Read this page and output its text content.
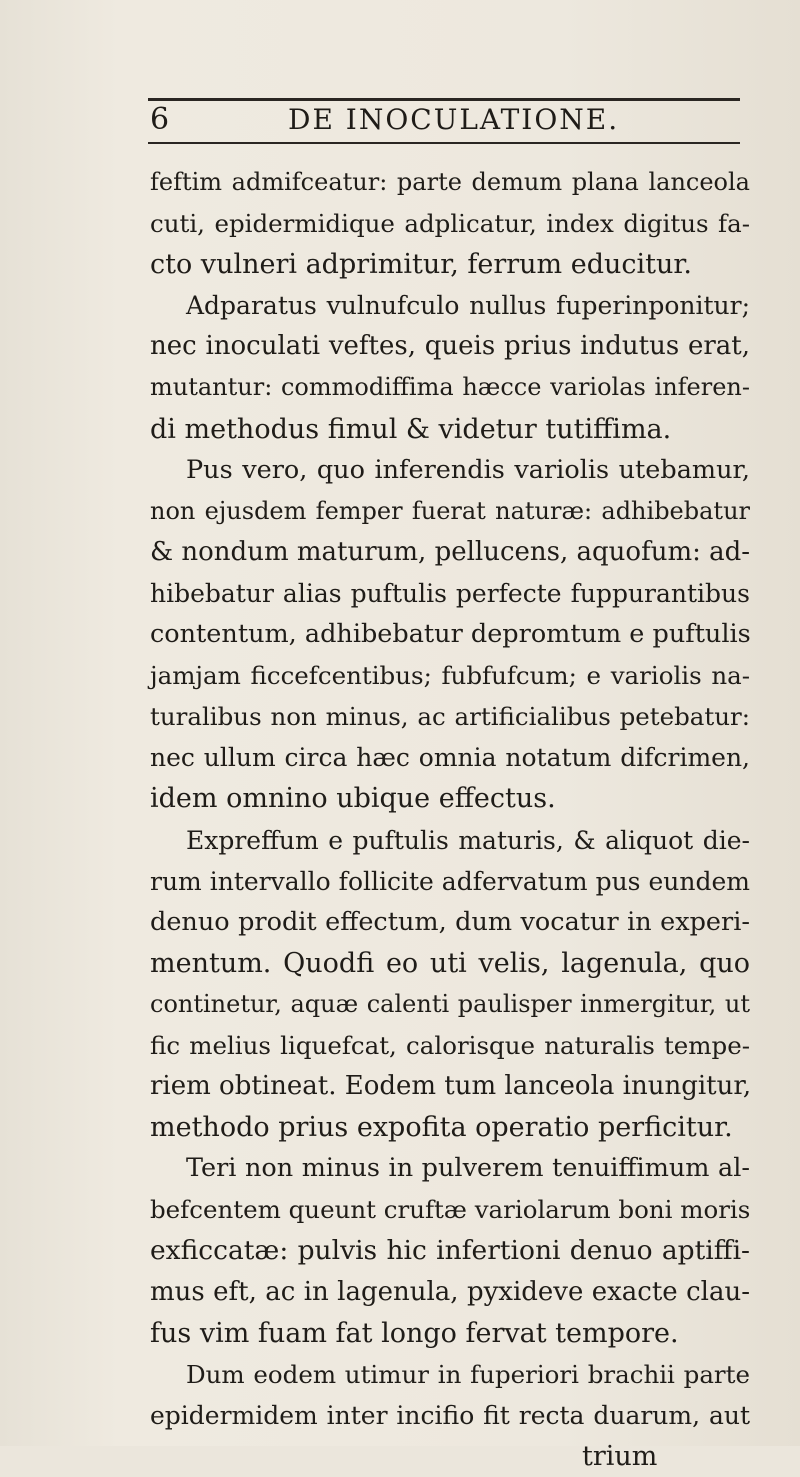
6	DE INOCULATIONE.
feftim admifceatur: parte demum plana lanceola
cuti, epidermidique adplicatur, index digitus fa-
cto vulneri adprimitur, ferrum educitur.
Adparatus vulnufculo nullus fuperinponitur;
nec inoculati veftes, queis prius indutus erat,
mutantur: commodiffima hæcce variolas inferen-
di methodus fimul & videtur tutiffima.
Pus vero, quo inferendis variolis utebamur,
non ejusdem femper fuerat naturæ: adhibebatur
& nondum maturum, pellucens, aquofum: ad-
hibebatur alias puftulis perfecte fuppurantibus
contentum, adhibebatur depromtum e puftulis
jamjam ficcefcentibus; fubfufcum; e variolis na-
turalibus non minus, ac artificialibus petebatur:
nec ullum circa hæc omnia notatum difcrimen,
idem omnino ubique effectus.
Expreffum e puftulis maturis, & aliquot die-
rum intervallo follicite adfervatum pus eundem
denuo prodit effectum, dum vocatur in experi-
mentum. Quodfi eo uti velis, lagenula, quo
continetur, aquæ calenti paulisper inmergitur, ut
fic melius liquefcat, calorisque naturalis tempe-
riem obtineat. Eodem tum lanceola inungitur,
methodo prius expofita operatio perficitur.
Teri non minus in pulverem tenuiffimum al-
befcentem queunt cruftæ variolarum boni moris
exficcatæ: pulvis hic infertioni denuo aptiffi-
mus eft, ac in lagenula, pyxideve exacte clau-
fus vim fuam fat longo fervat tempore.
Dum eodem utimur in fuperiori brachii parte
epidermidem inter incifio fit recta duarum, aut
trium
